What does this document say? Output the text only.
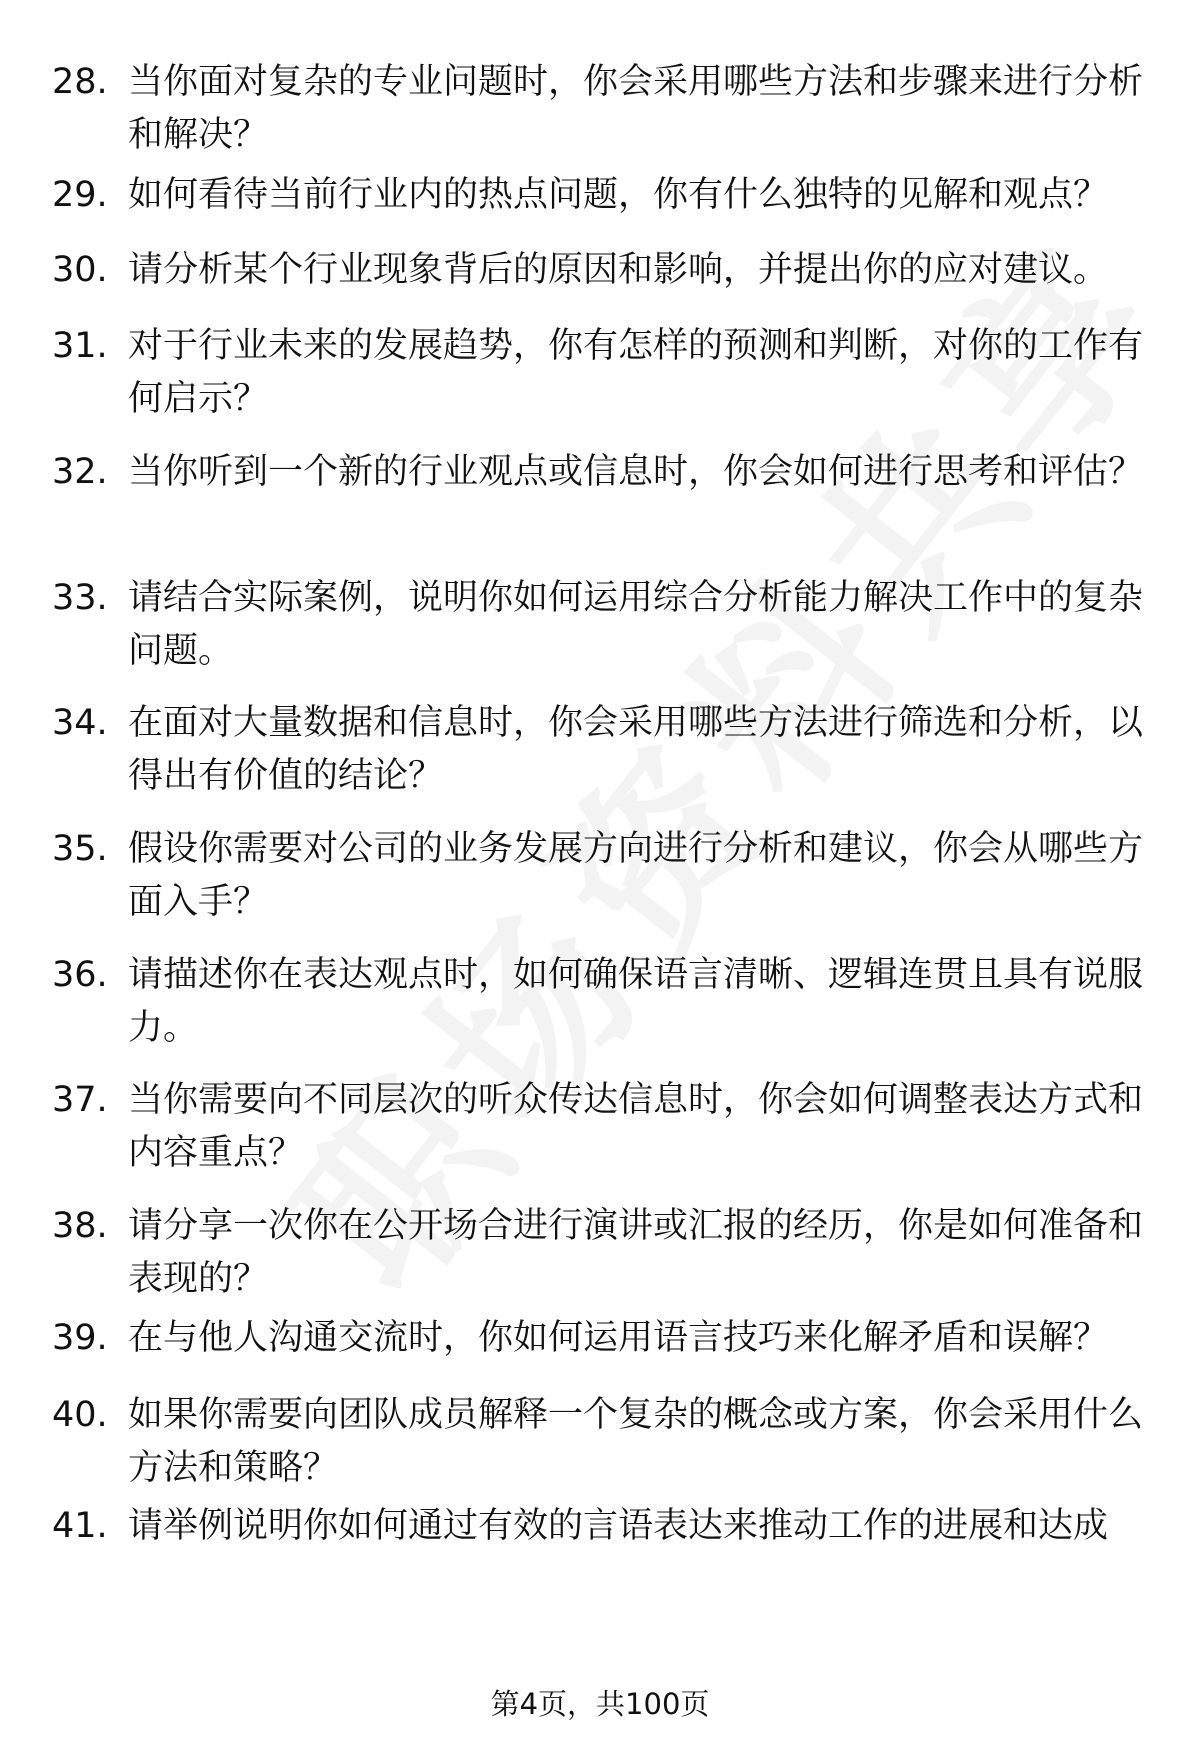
28. 当你面对复杂的专业问题时，你会采用哪些方法和步骤来进行分析和解决？
29. 如何看待当前行业内的热点问题，你有什么独特的见解和观点？
30. 请分析某个行业现象背后的原因和影响，并提出你的应对建议。
31. 对于行业未来的发展趋势，你有怎样的预测和判断，对你的工作有何启示？
32. 当你听到一个新的行业观点或信息时，你会如何进行思考和评估？
33. 请结合实际案例，说明你如何运用综合分析能力解决工作中的复杂问题。
34. 在面对大量数据和信息时，你会采用哪些方法进行筛选和分析，以得出有价值的结论？
35. 假设你需要对公司的业务发展方向进行分析和建议，你会从哪些方面入手？
36. 请描述你在表达观点时，如何确保语言清晰、逻辑连贯且具有说服力。
37. 当你需要向不同层次的听众传达信息时，你会如何调整表达方式和内容重点？
38. 请分享一次你在公开场合进行演讲或汇报的经历，你是如何准备和表现的？
39. 在与他人沟通交流时，你如何运用语言技巧来化解矛盾和误解？
40. 如果你需要向团队成员解释一个复杂的概念或方案，你会采用什么方法和策略？
41. 请举例说明你如何通过有效的言语表达来推动工作的进展和达成
第4页，共100页
